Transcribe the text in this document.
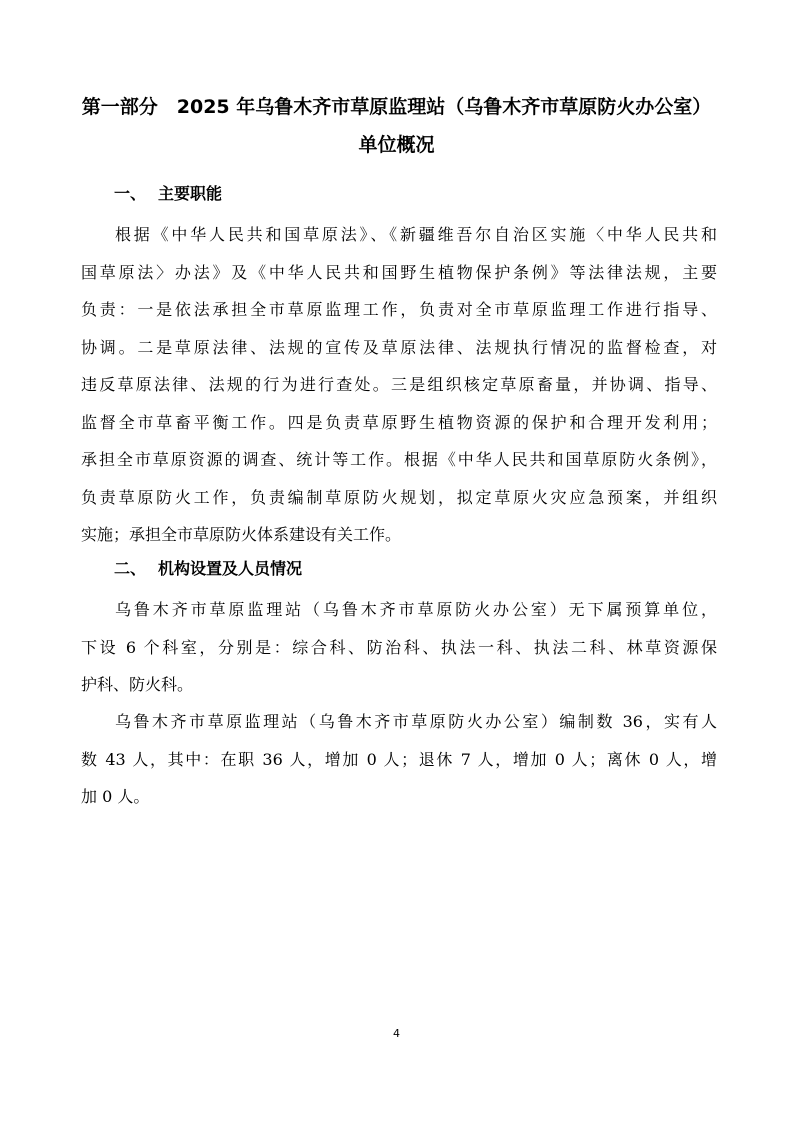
第一部分　2025 年乌鲁木齐市草原监理站（乌鲁木齐市草原防火办公室）
单位概况
一、 主要职能
根据《中华人民共和国草原法》、《新疆维吾尔自治区实施〈中华人民共和
国草原法〉办法》及《中华人民共和国野生植物保护条例》等法律法规，主要
负责：一是依法承担全市草原监理工作，负责对全市草原监理工作进行指导、
协调。二是草原法律、法规的宣传及草原法律、法规执行情况的监督检查，对
违反草原法律、法规的行为进行查处。三是组织核定草原畜量，并协调、指导、
监督全市草畜平衡工作。四是负责草原野生植物资源的保护和合理开发利用；
承担全市草原资源的调查、统计等工作。根据《中华人民共和国草原防火条例》，
负责草原防火工作，负责编制草原防火规划，拟定草原火灾应急预案，并组织
实施；承担全市草原防火体系建设有关工作。
二、 机构设置及人员情况
乌鲁木齐市草原监理站（乌鲁木齐市草原防火办公室）无下属预算单位，
下设 6 个科室，分别是：综合科、防治科、执法一科、执法二科、林草资源保
护科、防火科。
乌鲁木齐市草原监理站（乌鲁木齐市草原防火办公室）编制数 36，实有人
数 43 人，其中：在职 36 人，增加 0 人；退休 7 人，增加 0 人；离休 0 人，增
加 0 人。
4
